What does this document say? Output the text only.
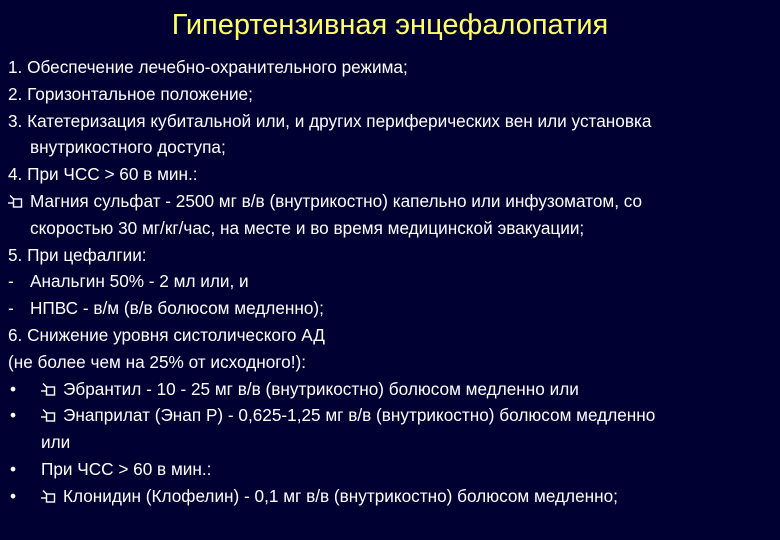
Гипертензивная энцефалопатия
1. Обеспечение лечебно-охранительного режима;
2. Горизонтальное положение;
3. Катетеризация кубитальной или, и других периферических вен или установка
внутрикостного доступа;
4. При ЧСС > 60 в мин.:
Магния сульфат - 2500 мг в/в (внутрикостно) капельно или инфузоматом, со
скоростью 30 мг/кг/час, на месте и во время медицинской эвакуации;
5. При цефалгии:
- Анальгин 50% - 2 мл или, и
- НПВС - в/м (в/в болюсом медленно);
6. Снижение уровня систолического АД
(не более чем на 25% от исходного!):
•	Эбрантил - 10 - 25 мг в/в (внутрикостно) болюсом медленно или
•	Энаприлат (Энап Р) - 0,625-1,25 мг в/в (внутрикостно) болюсом медленно
или
•	При ЧСС > 60 в мин.:
•	Клонидин (Клофелин) - 0,1 мг в/в (внутрикостно) болюсом медленно;
